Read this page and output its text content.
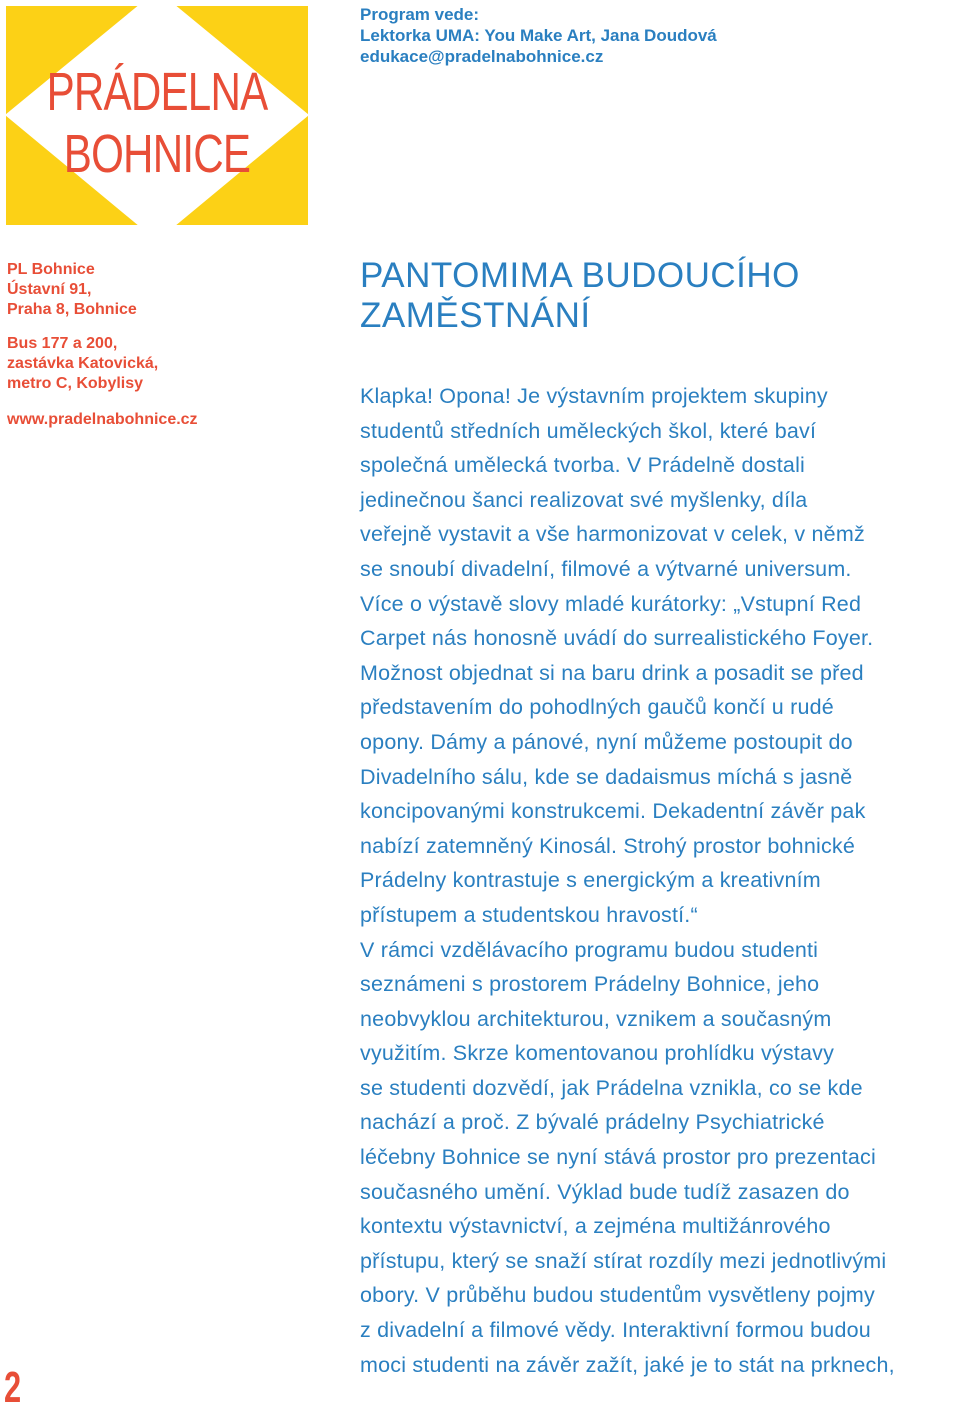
PRÁDELNA
BOHNICE
Program vede:
Lektorka UMA: You Make Art, Jana Doudová
edukace@pradelnabohnice.cz
PL Bohnice
Ústavní 91,
Praha 8, Bohnice
Bus 177 a 200,
zastávka Katovická,
metro C, Kobylisy
www.pradelnabohnice.cz
2
PANTOMIMA BUDOUCÍHO
ZAMĚSTNÁNÍ

Klapka! Opona! Je výstavním projektem skupiny
studentů středních uměleckých škol, které baví
společná umělecká tvorba. V Prádelně dostali
jedinečnou šanci realizovat své myšlenky, díla
veřejně vystavit a vše harmonizovat v celek, v němž
se snoubí divadelní, filmové a výtvarné universum.
Více o výstavě slovy mladé kurátorky: „Vstupní Red
Carpet nás honosně uvádí do surrealistického Foyer.
Možnost objednat si na baru drink a posadit se před
představením do pohodlných gaučů končí u rudé
opony. Dámy a pánové, nyní můžeme postoupit do
Divadelního sálu, kde se dadaismus míchá s jasně
koncipovanými konstrukcemi. Dekadentní závěr pak
nabízí zatemněný Kinosál. Strohý prostor bohnické
Prádelny kontrastuje s energickým a kreativním
přístupem a studentskou hravostí.“
V rámci vzdělávacího programu budou studenti
seznámeni s prostorem Prádelny Bohnice, jeho
neobvyklou architekturou, vznikem a současným
využitím. Skrze komentovanou prohlídku výstavy
se studenti dozvědí, jak Prádelna vznikla, co se kde
nachází a proč. Z bývalé prádelny Psychiatrické
léčebny Bohnice se nyní stává prostor pro prezentaci
současného umění. Výklad bude tudíž zasazen do
kontextu výstavnictví, a zejména multižánrového
přístupu, který se snaží stírat rozdíly mezi jednotlivými
obory. V průběhu budou studentům vysvětleny pojmy
z divadelní a filmové vědy. Interaktivní formou budou
moci studenti na závěr zažít, jaké je to stát na prknech,
